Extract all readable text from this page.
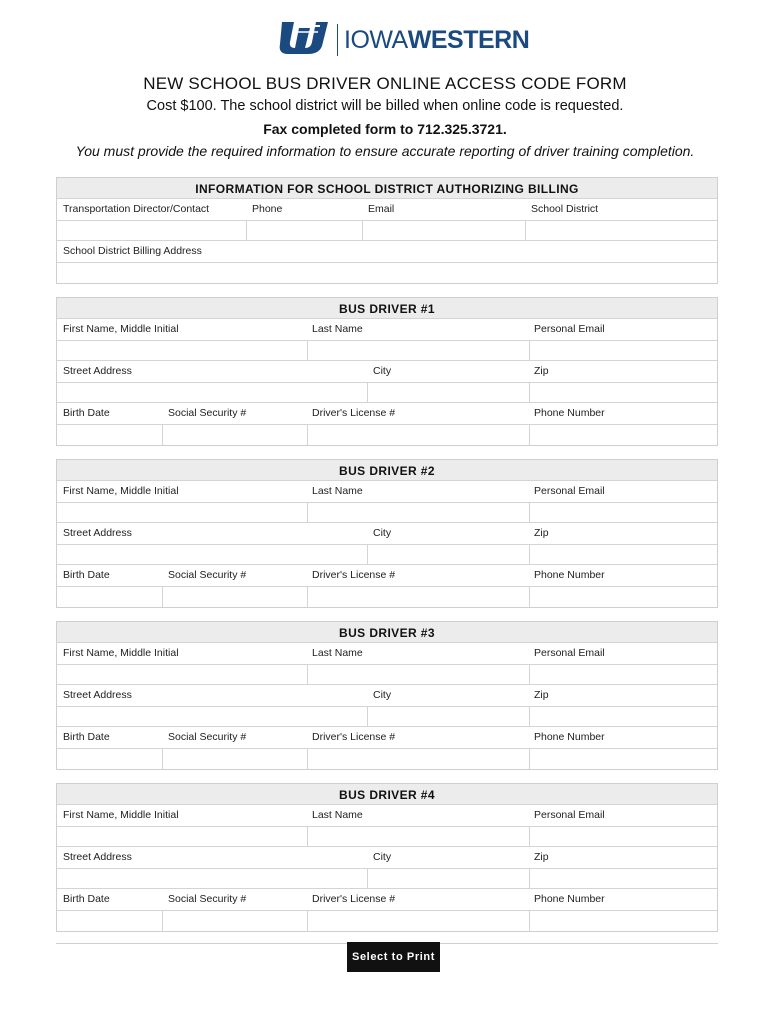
IOWAWESTERN
NEW SCHOOL BUS DRIVER ONLINE ACCESS CODE FORM
Cost $100. The school district will be billed when online code is requested.
Fax completed form to 712.325.3721.
You must provide the required information to ensure accurate reporting of driver training completion.
INFORMATION FOR SCHOOL DISTRICT AUTHORIZING BILLING
Transportation Director/Contact	Phone	Email	School District
School District Billing Address
BUS DRIVER #1
First Name, Middle Initial	Last Name	Personal Email
Street Address	City	Zip
Birth Date	Social Security #	Driver's License #	Phone Number
BUS DRIVER #2
First Name, Middle Initial	Last Name	Personal Email
Street Address	City	Zip
Birth Date	Social Security #	Driver's License #	Phone Number
BUS DRIVER #3
First Name, Middle Initial	Last Name	Personal Email
Street Address	City	Zip
Birth Date	Social Security #	Driver's License #	Phone Number
BUS DRIVER #4
First Name, Middle Initial	Last Name	Personal Email
Street Address	City	Zip
Birth Date	Social Security #	Driver's License #	Phone Number
Select to Print
